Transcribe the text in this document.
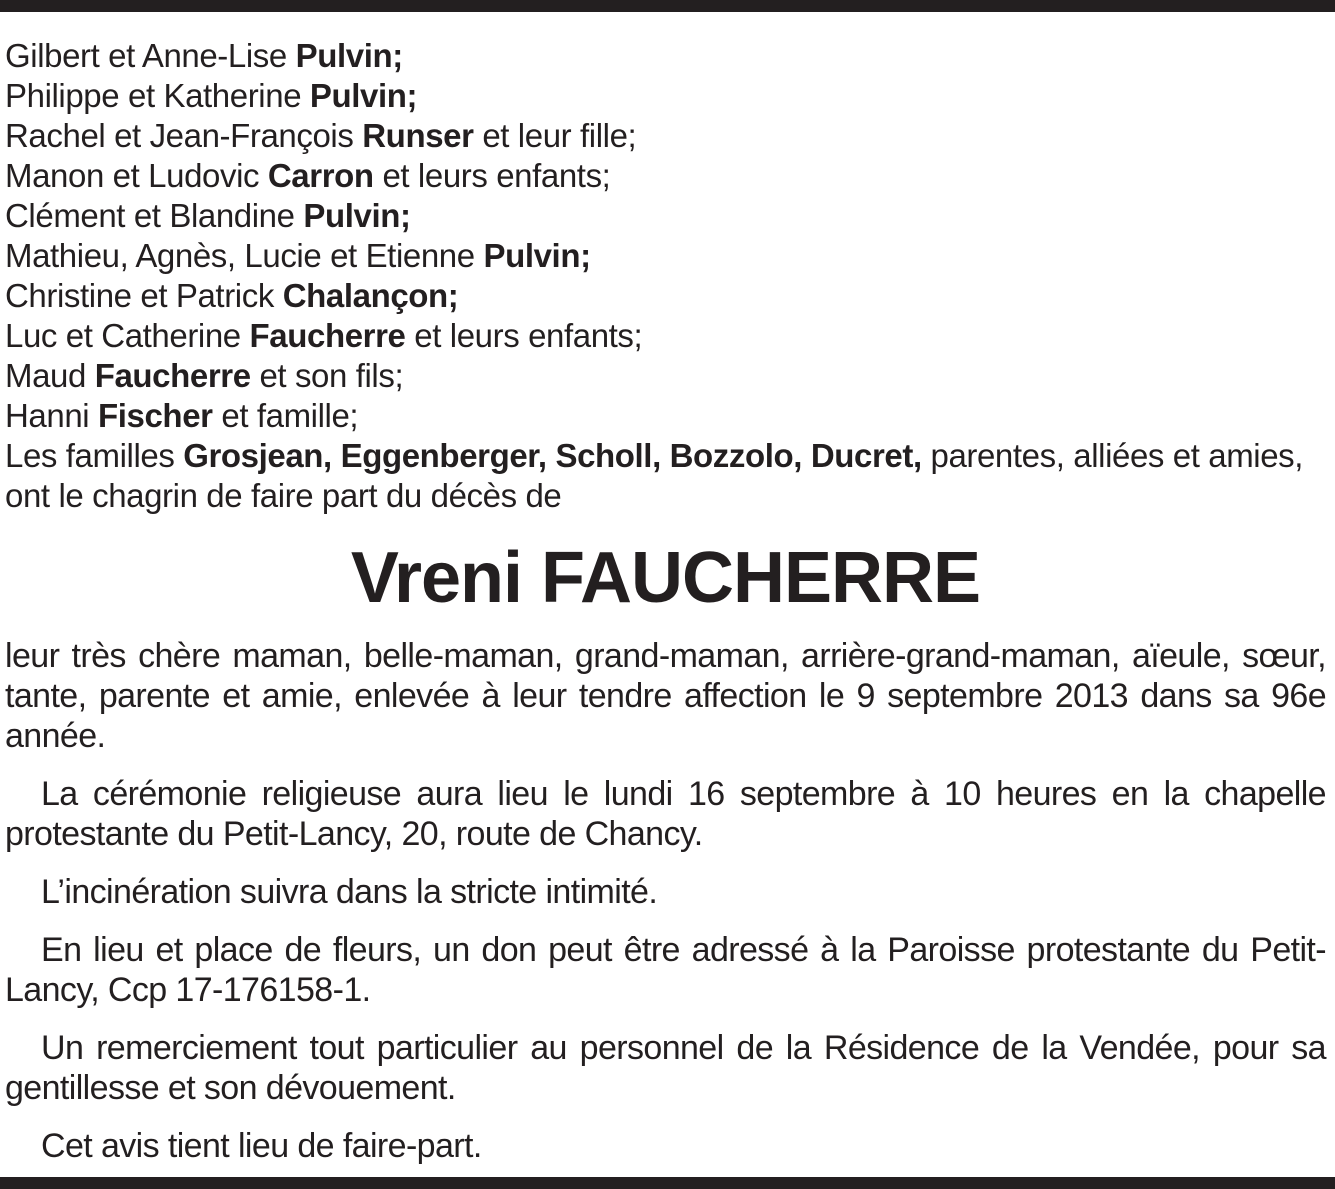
Gilbert et Anne-Lise Pulvin;
Philippe et Katherine Pulvin;
Rachel et Jean-François Runser et leur fille;
Manon et Ludovic Carron et leurs enfants;
Clément et Blandine Pulvin;
Mathieu, Agnès, Lucie et Etienne Pulvin;
Christine et Patrick Chalançon;
Luc et Catherine Faucherre et leurs enfants;
Maud Faucherre et son fils;
Hanni Fischer et famille;
Les familles Grosjean, Eggenberger, Scholl, Bozzolo, Ducret, parentes, alliées et amies,
ont le chagrin de faire part du décès de
Vreni FAUCHERRE

leur très chère maman, belle-maman, grand-maman, arrière-grand-maman, aïeule, sœur, tante, parente et amie, enlevée à leur tendre affection le 9 septembre 2013 dans sa 96e année.

La cérémonie religieuse aura lieu le lundi 16 septembre à 10 heures en la chapelle protestante du Petit-Lancy, 20, route de Chancy.

L’incinération suivra dans la stricte intimité.

En lieu et place de fleurs, un don peut être adressé à la Paroisse protestante du Petit-Lancy, Ccp 17-176158-1.

Un remerciement tout particulier au personnel de la Résidence de la Vendée, pour sa gentillesse et son dévouement.

Cet avis tient lieu de faire-part.
